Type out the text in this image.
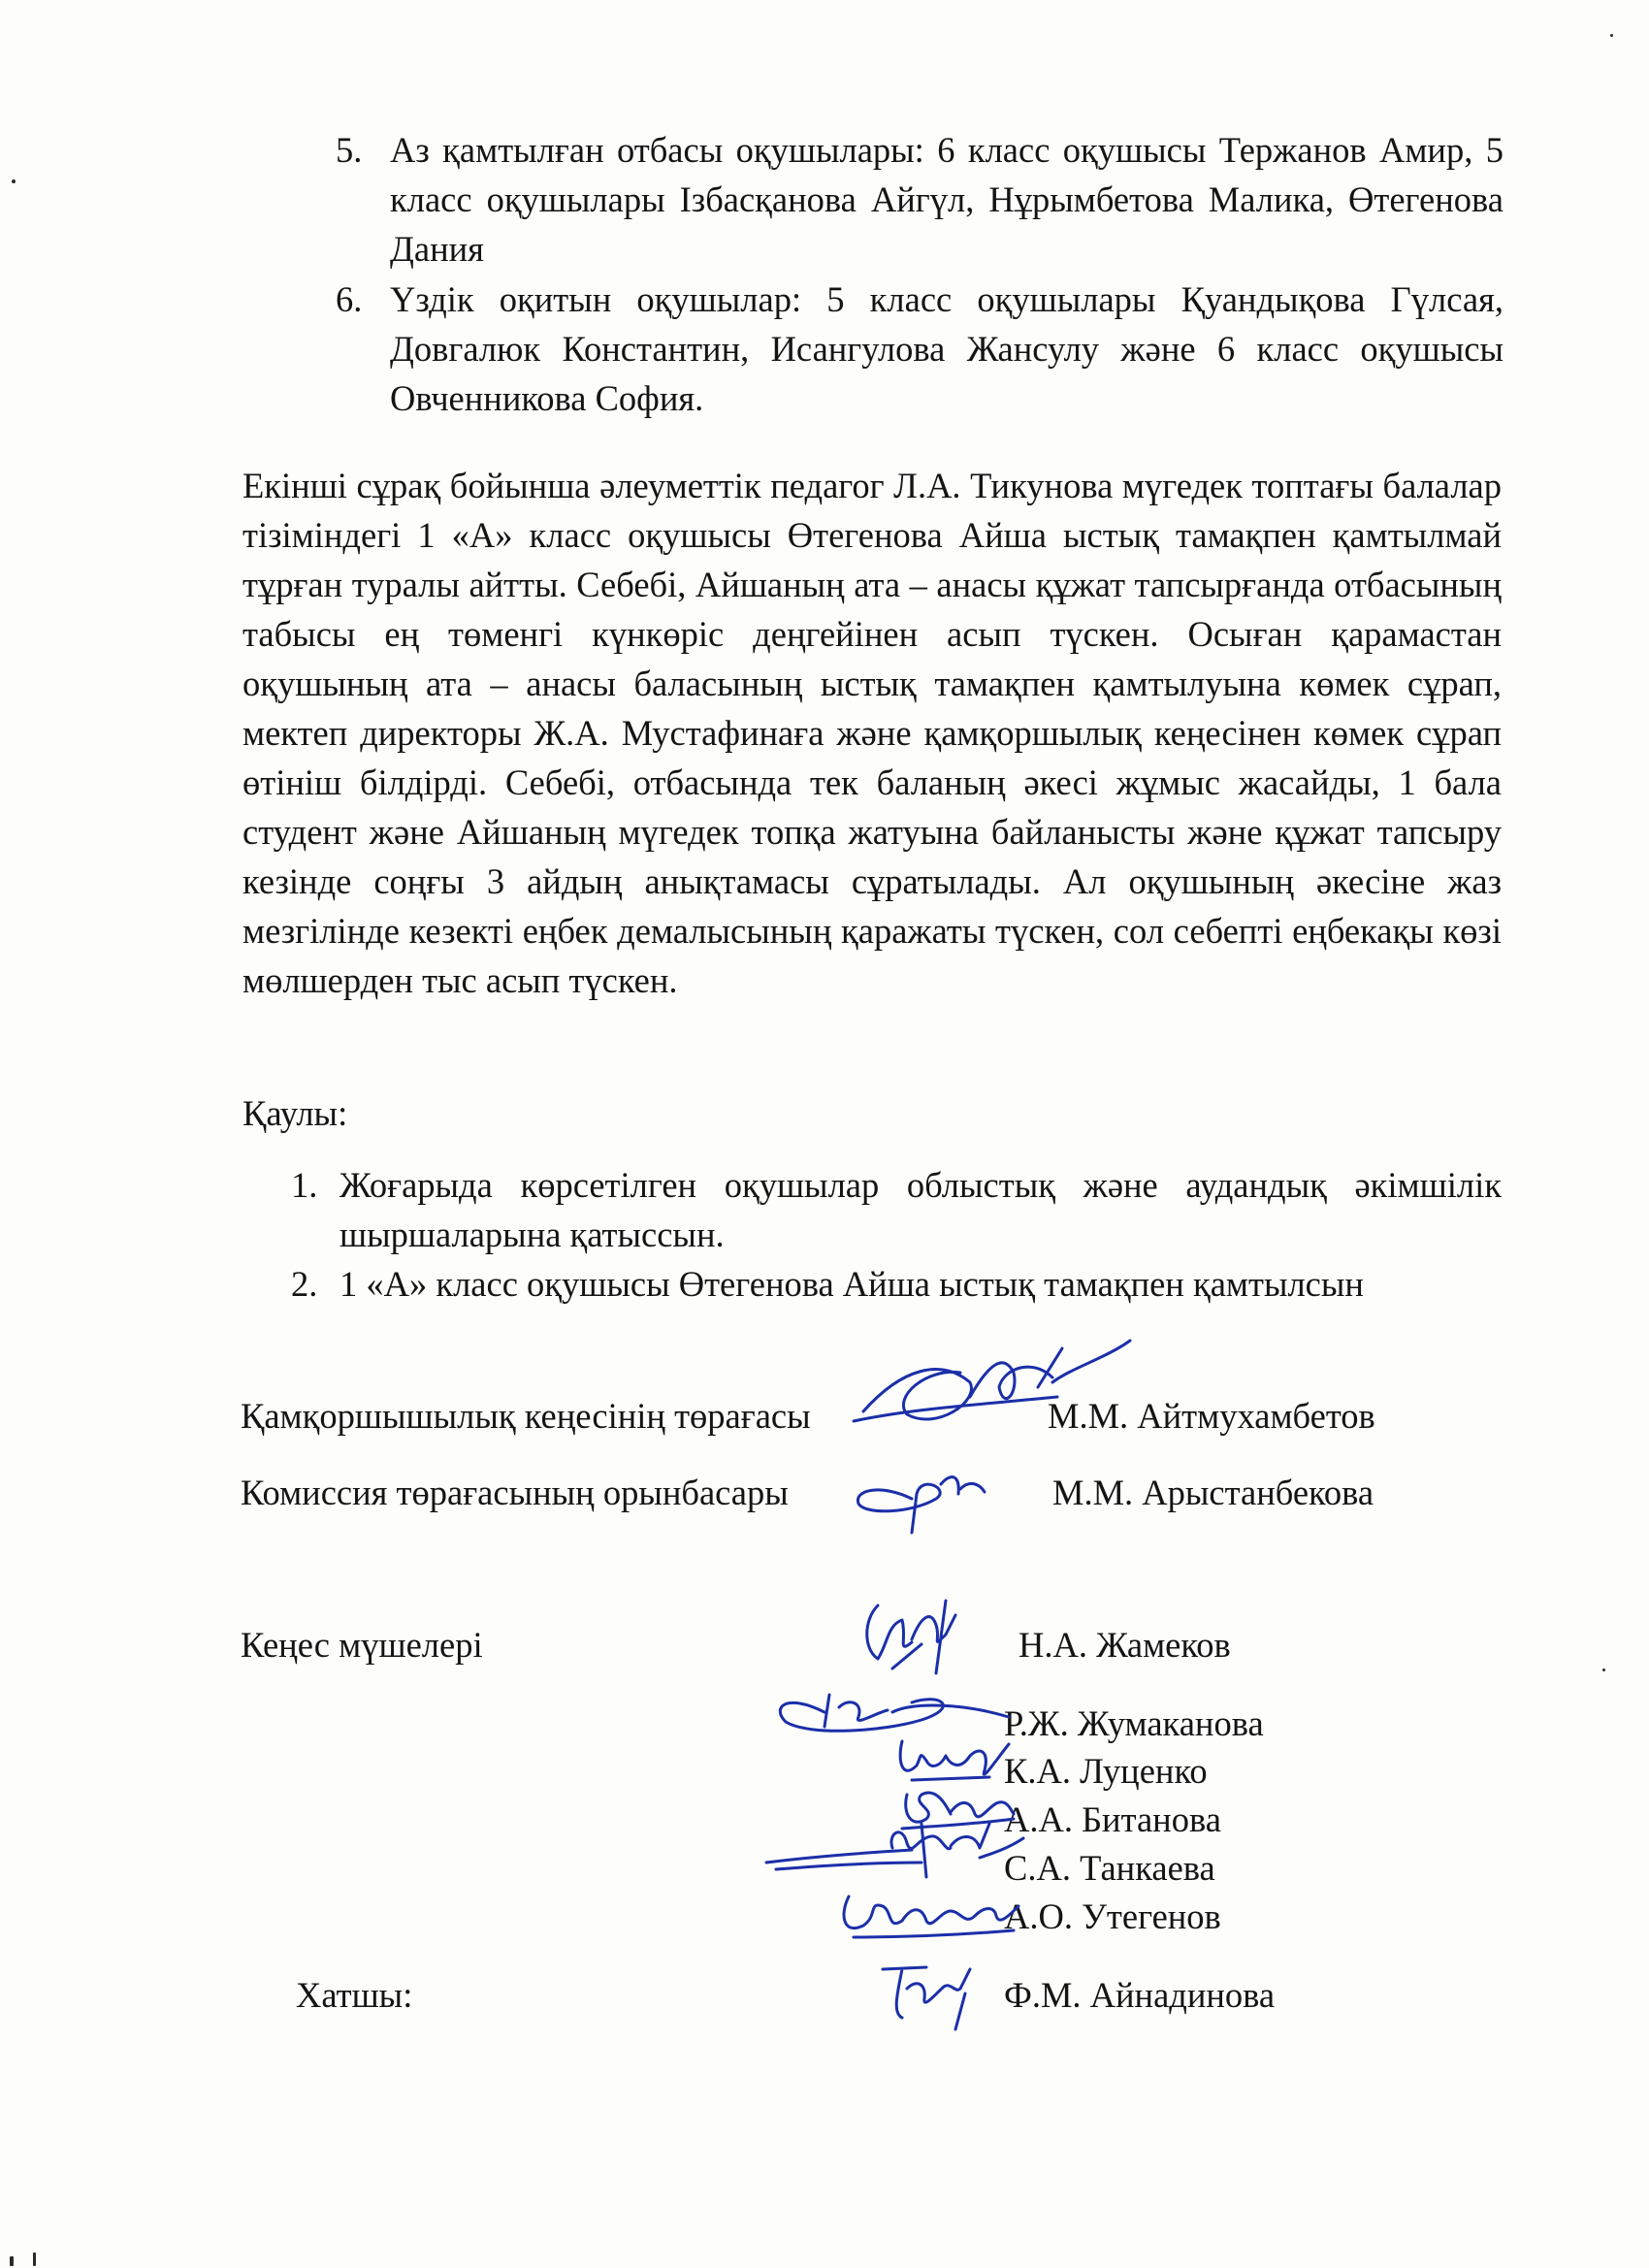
5. Аз қамтылған отбасы оқушылары: 6 класс оқушысы Тержанов Амир, 5 класс оқушылары Ізбасқанова Айгүл, Нұрымбетова Малика, Өтегенова Дания
6. Үздік оқитын оқушылар: 5 класс оқушылары Қуандықова Гүлсая, Довгалюк Константин, Исангулова Жансулу және 6 класс оқушысы Овченникова София.

Екінші сұрақ бойынша әлеуметтік педагог Л.А. Тикунова мүгедек топтағы балалар тізіміндегі 1 «А» класс оқушысы Өтегенова Айша ыстық тамақпен қамтылмай тұрған туралы айтты. Себебі, Айшаның ата – анасы құжат тапсырғанда отбасының табысы ең төменгі күнкөріс деңгейінен асып түскен. Осыған қарамастан оқушының ата – анасы баласының ыстық тамақпен қамтылуына көмек сұрап, мектеп директоры Ж.А. Мустафинаға және қамқоршылық кеңесінен көмек сұрап өтініш білдірді. Себебі, отбасында тек баланың әкесі жұмыс жасайды, 1 бала студент және Айшаның мүгедек топқа жатуына байланысты және құжат тапсыру кезінде соңғы 3 айдың анықтамасы сұратылады. Ал оқушының әкесіне жаз мезгілінде кезекті еңбек демалысының қаражаты түскен, сол себепті еңбекақы көзі мөлшерден тыс асып түскен.

Қаулы:
1. Жоғарыда көрсетілген оқушылар облыстық және аудандық әкімшілік шыршаларына қатыссын.
2. 1 «А» класс оқушысы Өтегенова Айша ыстық тамақпен қамтылсын
Қамқоршышылық кеңесінің төрағасы	М.М. Айтмухамбетов
Комиссия төрағасының орынбасары	М.М. Арыстанбекова
Кеңес мүшелері	Н.А. Жамеков
Р.Ж. Жумаканова
К.А. Луценко
А.А. Битанова
С.А. Танкаева
А.О. Утегенов
Хатшы:	Ф.М. Айнадинова
